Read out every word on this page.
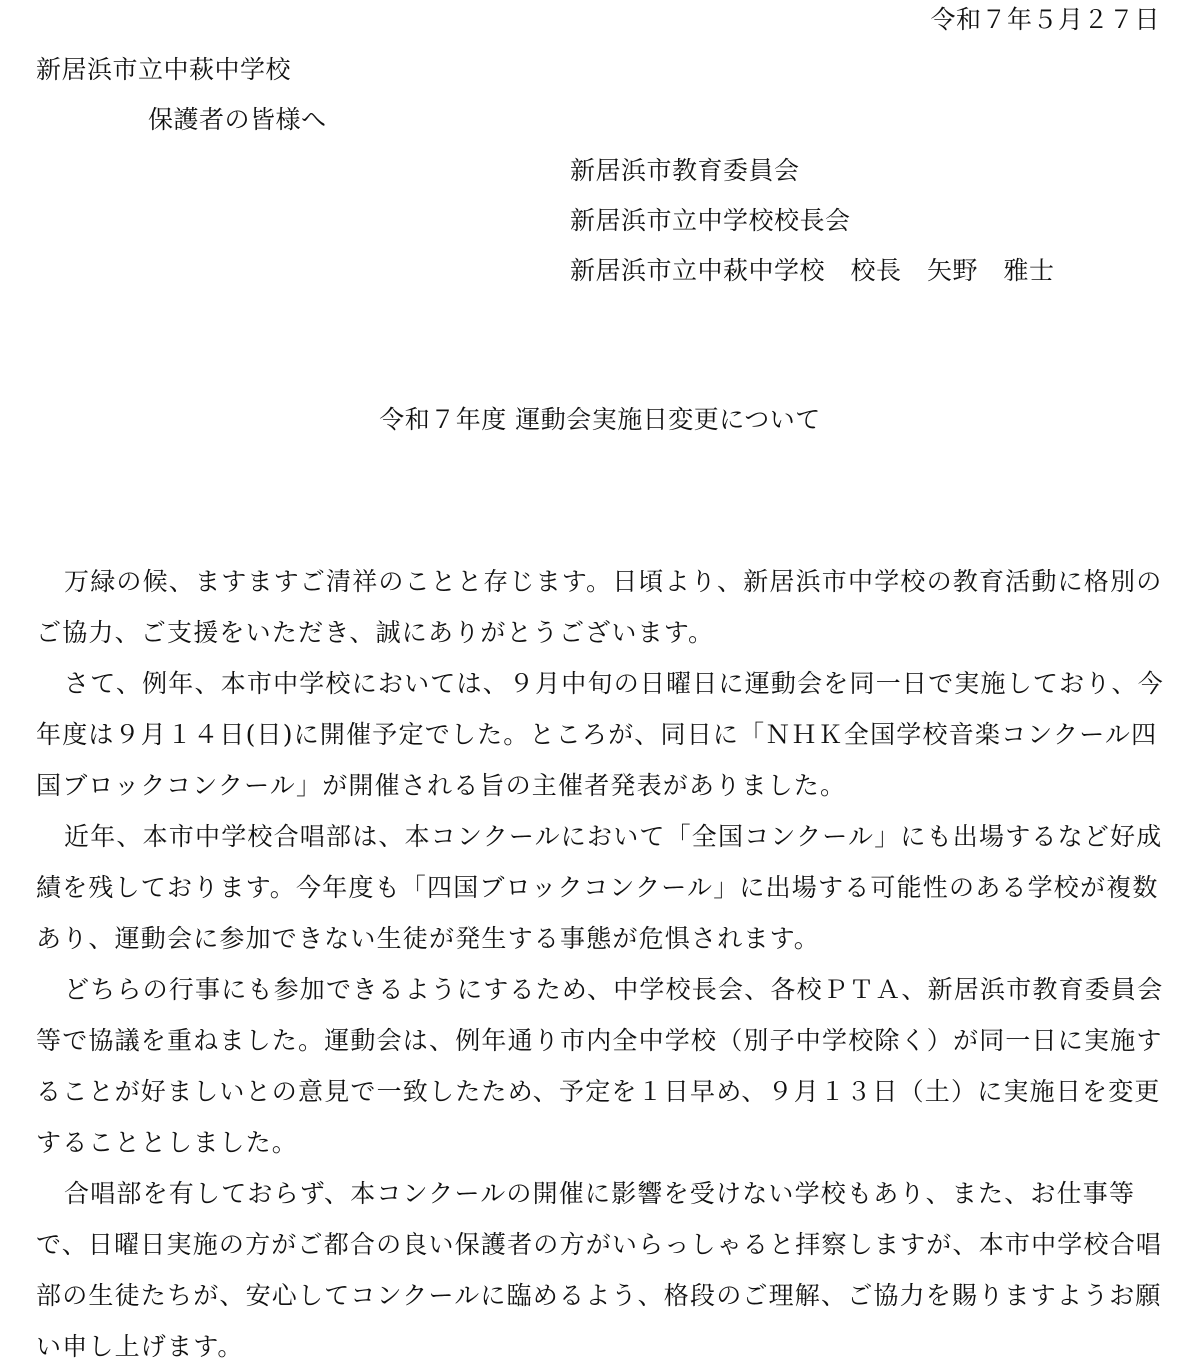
令和７年５月２７日
新居浜市立中萩中学校
保護者の皆様へ
新居浜市教育委員会
新居浜市立中学校校長会
新居浜市立中萩中学校　校長　矢野　雅士
令和７年度 運動会実施日変更について

万緑の候、ますますご清祥のことと存じます。日頃より、新居浜市中学校の教育活動に格別のご協力、ご支援をいただき、誠にありがとうございます。

さて、例年、本市中学校においては、９月中旬の日曜日に運動会を同一日で実施しており、今年度は９月１４日(日)に開催予定でした。ところが、同日に「ＮＨＫ全国学校音楽コンクール四国ブロックコンクール」が開催される旨の主催者発表がありました。

近年、本市中学校合唱部は、本コンクールにおいて「全国コンクール」にも出場するなど好成績を残しております。今年度も「四国ブロックコンクール」に出場する可能性のある学校が複数あり、運動会に参加できない生徒が発生する事態が危惧されます。

どちらの行事にも参加できるようにするため、中学校長会、各校ＰＴＡ、新居浜市教育委員会等で協議を重ねました。運動会は、例年通り市内全中学校（別子中学校除く）が同一日に実施することが好ましいとの意見で一致したため、予定を１日早め、９月１３日（土）に実施日を変更することとしました。

合唱部を有しておらず、本コンクールの開催に影響を受けない学校もあり、また、お仕事等で、日曜日実施の方がご都合の良い保護者の方がいらっしゃると拝察しますが、本市中学校合唱部の生徒たちが、安心してコンクールに臨めるよう、格段のご理解、ご協力を賜りますようお願い申し上げます。
